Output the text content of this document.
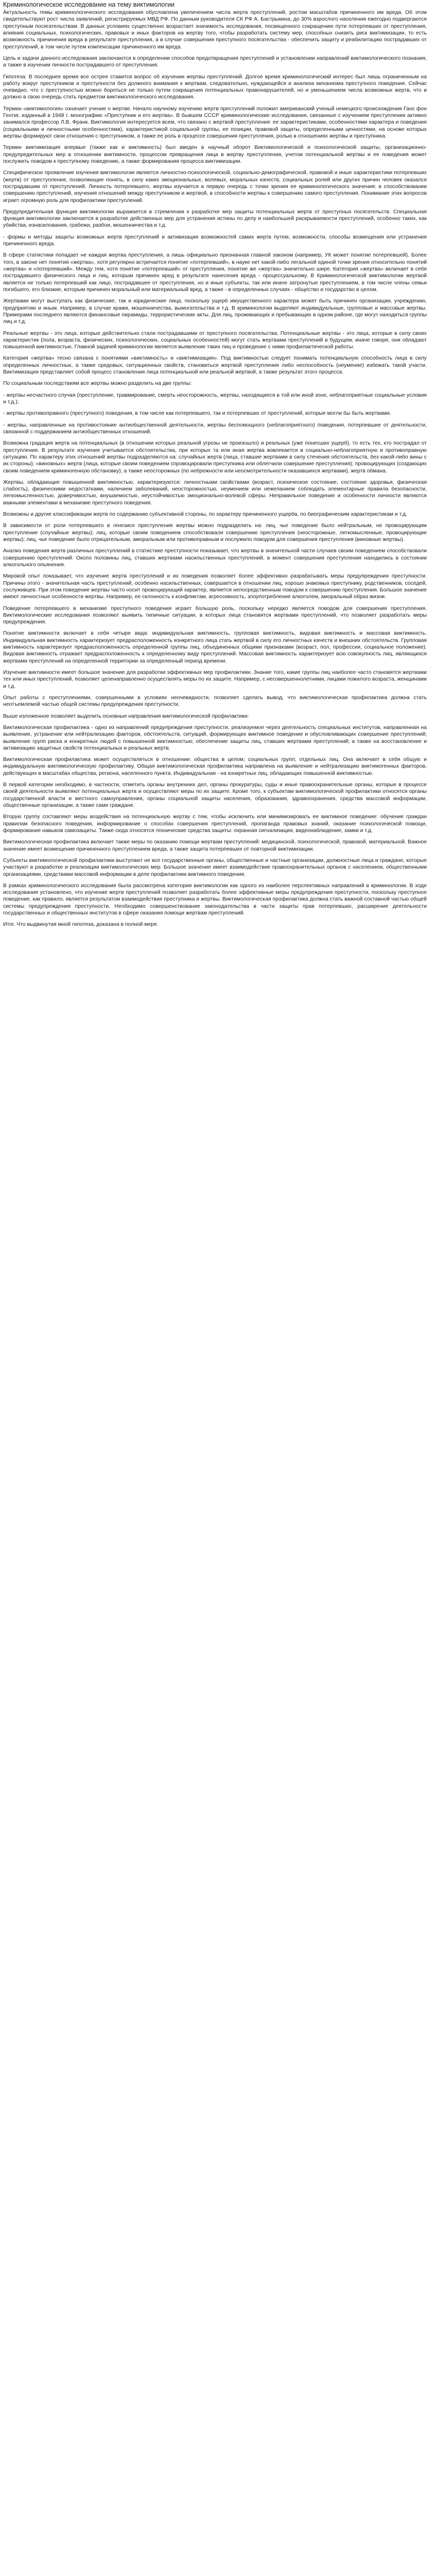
Криминологическое исследование на тему виктимологии

Актуальность темы криминологического исследования обусловлена увеличением числа жертв преступлений, ростом масштабов причиненного им вреда. Об этом свидетельствуют рост числа заявлений, регистрируемых МВД РФ. По данным руководителя СК РФ А. Бастрыкина, до 30% взрослого населения ежегодно подвергаются преступным посягательствам. В данных условиях существенно возрастает значимость исследования, посвященного сокращению пути потерпевших от преступления, влияния социальных, психологических, правовых и иных факторов на жертву того, чтобы разработать систему мер, способных снизить риск виктимизации, то есть возможность причинения вреда в результате преступления, а в случае совершения преступного посягательства - обеспечить защиту и реабилитацию пострадавших от преступлений, в том числе путем компенсации причиненного им вреда.

Цель и задачи данного исследования заключаются в определении способов предотвращения преступлений и установлении направлений виктимологического познания, а также в изучении личности пострадавшего от преступления.

Гипотеза: В последнее время все острее ставится вопрос об изучении жертвы преступлений. Долгое время криминологический интерес был лишь ограниченным на работу вокруг преступников и преступности без должного внимания к жертвам, следовательно, нуждающейся и анализа механизма преступного поведения. Сейчас очевидно, что с преступностью можно бороться не только путем сокращения потенциальных правонарушителей, но и уменьшением числа возможных жертв, что и должно в свою очередь стать предметом виктимологического исследования.

Термин «виктимология» означает учение о жертве. Начало научному изучению жертв преступлений положил американский ученый немецкого происхождения Ганс фон Гентиг, изданный в 1948 г. монографию «Преступник и его жертва». В бывшем СССР криминологические исследования, связанные с изучением преступления активно занимался профессор Л.В. Франк. Виктимология интересуется всем, что связано с жертвой преступления: ее характеристиками, особенностями характера и поведения (социальными и личностными особенностями), характеристикой социальной группы, ее позиции, правовой защиты, определенными ценностями, на основе которых жертвы формируют свои отношения с преступником, а также ее роль в процессе совершения преступления, ролью в отношениях жертвы и преступника.

Термин виктимизация впервые (также как и виктимность) был введен в научный оборот Виктимологической и психологической защиты, организационно-предупредительных мер в отношении виктимности, процессом превращения лица в жертву преступления, учетом потенциальной жертвы и ее поведения может послужить поводом к преступному поведению, а также формирования процесса виктимизации.

Специфическое проявление изучения виктимологии является личностно-психологической, социально-демографической, правовой и иные характеристики потерпевших (жертв) от преступления, позволяющие понять, в силу каких эмоциональных, волевых, моральных качеств, социальных ролей или других причин человек оказался пострадавшим от преступлений. Личность потерпевшего, жертвы изучается в первую очередь с точки зрения ее криминологического значения: в способствовании совершению преступлений, изучения отношений между преступником и жертвой, в способности жертвы к совершению самого преступления. Понимание этих вопросов играет огромную роль для профилактики преступлений.

Предупредительная функция виктимологии выражается в стремлении к разработке мер защиты потенциальных жертв от преступных посягательств. Специальная функция виктимологии заключается в разработке действенных мер для устранения истины по делу и наибольшей раскрываемости преступлений, особенно таких, как убийства, изнасилования, грабежи, разбои, мошенничества и т.д.

- формы и методы защиты возможных жертв преступлений и активизация возможностей самих жертв путем, возможности, способы возмещения или устранения причиненного вреда.

В сфере статистики попадает не каждая жертва преступления, а лишь официально признанная главной законом (например, УК может понятие потерпевшей). Более того, в законе нет понятия «жертва», хотя регулярно встречается понятие «потерпевший», в науке нет какой-либо легальной единой точки зрения относительно понятий «жертва» и «потерпевший». Между тем, хотя понятие «потерпевший» от преступления, понятие же «жертва» значительно шире. Категория «жертва» включает в себя пострадавшего физического лица и лиц, которым причинен вред в результате нанесения вреда - процессуальному. В Криминологической виктимологии жертвой является не только потерпевший как лицо, пострадавшее от преступления, но и иные субъекты, так или иначе затронутые преступлением, в том числе члены семьи погибшего, его близкие, которым причинен моральный или материальный вред, а также - в определенных случаях - общество и государство в целом.

Жертвами могут выступать как физические, так и юридические лица, поскольку ущерб имущественного характера может быть причинен организации, учреждению, предприятию и иным. Например, в случае кражи, мошенничества, вымогательства и т.д. В криминологии выделяют индивидуальные, групповые и массовые жертвы. Примерами последнего являются финансовые пирамиды, террористические акты. Для лиц, проживающих и пребывающих в одном районе, где могут находиться группы лиц и т.д.

Реальные жертвы - это лица, которые действительно стали пострадавшими от преступного посягательства. Потенциальные жертвы - это лица, которые в силу своих характеристик (пола, возраста, физических, психологических, социальных особенностей) могут стать жертвами преступлений в будущем; иначе говоря, они обладают повышенной виктимностью. Главной задачей криминологии является выявление таких лиц и проведение с ними профилактической работы.

Категория «жертва» тесно связана с понятиями «виктимность» и «виктимизация». Под виктимностью следует понимать потенциальную способность лица в силу определенных личностных, а также средовых, ситуационных свойств, становиться жертвой преступления либо неспособность (неумение) избежать такой участи. Виктимизация представляет собой процесс становления лица потенциальной или реальной жертвой, а также результат этого процесса.

По социальным последствиям все жертвы можно разделить на две группы:

- жертвы несчастного случая (преступление, травмирование, смерть неосторожность, жертвы, находящиеся в той или иной зоне, неблагоприятные социальные условия и т.д.);

- жертвы противоправного (преступного) поведения, в том числе как потерпевшего, так и потерпевших от преступлений, которые могли бы быть жертвами.

- жертвы, направленные на противостояние антиобщественной деятельности, жертвы беспомощного (неблагоприятного) поведения, потерпевшие от деятельности, связанной с поддержанием антиобщественных отношений.

Возможна градация жертв на потенциальных (в отношении которых реальной угрозы не произошло) и реальных (уже понесших ущерб), то есть тех, кто пострадал от преступления. В результате изучения учитывается обстоятельства, при которых та или иная жертва вовлекается в социально-неблагоприятную и противоправную ситуацию. По характеру этих отношений жертвы подразделяются на: случайных жертв (лица, ставшие жертвами в силу стечения обстоятельств, без какой-либо вины с их стороны); «виновных» жертв (лица, которые своим поведением спровоцировали преступника или облегчили совершение преступления); провоцирующих (создающих своим поведением криминогенную обстановку); а также неосторожных (по небрежности или неосмотрительности оказавшихся жертвами), жертв обмана.

Жертвы, обладающие повышенной виктимностью, характеризуются: личностными свойствами (возраст, психическое состояние, состояние здоровья, физическая слабость), физическими недостатками, наличием заболеваний, неосторожностью, неумением или нежеланием соблюдать элементарные правила безопасности, легкомысленностью, доверчивостью, внушаемостью, неустойчивостью эмоционально-волевой сферы. Неправильное поведение и особенности личности являются важными элементами в механизме преступного поведения.

Возможны и другие классификации жертв по содержанию субъективной стороны, по характеру причиненного ущерба, по биографическим характеристикам и т.д.

В зависимости от роли потерпевшего в генезисе преступления жертвы можно подразделить на: лиц, чье поведение было нейтральным, не провоцирующим преступление (случайные жертвы); лиц, которые своим поведением способствовали совершению преступления (неосторожные, легкомысленные, провоцирующие жертвы); лиц, чье поведение было отрицательным, аморальным или противоправным и послужило поводом для совершения преступления (виновные жертвы).

Анализ поведения жертв различных преступлений в статистике преступности показывает, что жертвы в значительной части случаев своим поведением способствовали совершению преступлений. Около половины лиц, ставших жертвами насильственных преступлений, в момент совершения преступления находились в состоянии алкогольного опьянения.

Мировой опыт показывает, что изучение жертв преступлений и их поведения позволяет более эффективно разрабатывать меры предупреждения преступности. Причины этого - значительная часть преступлений, особенно насильственных, совершается в отношении лиц, хорошо знакомых преступнику, родственников, соседей, сослуживцев. При этом поведение жертвы часто носит провоцирующий характер, является непосредственным поводом к совершению преступления. Большое значение имеют личностные особенности жертвы. Например, ее склонность к конфликтам, агрессивность, злоупотребление алкоголем, аморальный образ жизни.

Поведение потерпевшего в механизме преступного поведения играет большую роль, поскольку нередко является поводом для совершения преступления. Виктимологические исследования позволяют выявить типичные ситуации, в которых лица становятся жертвами преступлений, что позволяет разработать меры предупреждения.

Понятие виктимности включает в себя четыре вида: индивидуальная виктимность, групповая виктимность, видовая виктимность и массовая виктимность. Индивидуальная виктимность характеризует предрасположенность конкретного лица стать жертвой в силу его личностных качеств и внешних обстоятельств. Групповая виктимность характеризует предрасположенность определенной группы лиц, объединенных общими признаками (возраст, пол, профессия, социальное положение). Видовая виктимность отражает предрасположенность к определенному виду преступлений. Массовая виктимность характеризует всю совокупность лиц, являющихся жертвами преступлений на определенной территории за определенный период времени.

Изучение виктимности имеет большое значение для разработки эффективных мер профилактики. Знание того, какие группы лиц наиболее часто становятся жертвами тех или иных преступлений, позволяет целенаправленно осуществлять меры по их защите. Например, с несовершеннолетними, лицами пожилого возраста, женщинами и т.д.

Опыт работы с преступлениями, совершенными в условиях неочевидности, позволяет сделать вывод, что виктимологическая профилактика должна стать неотъемлемой частью общей системы предупреждения преступности.

Выше изложенное позволяет выделить основные направления виктимологической профилактики:

Виктимологическая профилактика - одно из направлений предупреждения преступности, реализуемое через деятельность специальных институтов, направленная на выявление, устранение или нейтрализацию факторов, обстоятельств, ситуаций, формирующих виктимное поведение и обусловливающих совершение преступлений; выявление групп риска и конкретных людей с повышенной виктимностью; обеспечение защиты лиц, ставших жертвами преступлений; а также на восстановление и активизацию защитных свойств потенциальных и реальных жертв.

Виктимологическая профилактика может осуществляться в отношении: общества в целом; социальных групп; отдельных лиц. Она включает в себя общую и индивидуальную виктимологическую профилактику. Общая виктимологическая профилактика направлена на выявление и нейтрализацию виктимогенных факторов, действующих в масштабах общества, региона, населенного пункта. Индивидуальная - на конкретных лиц, обладающих повышенной виктимностью.

В первой категории необходимо, в частности, отметить органы внутренних дел, органы прокуратуры, суды и иные правоохранительные органы, которые в процессе своей деятельности выявляют потенциальных жертв и осуществляют меры по их защите. Кроме того, к субъектам виктимологической профилактики относятся органы государственной власти и местного самоуправления, органы социальной защиты населения, образования, здравоохранения, средства массовой информации, общественные организации, а также сами граждане.

Вторую группу составляют меры воздействия на потенциальную жертву с тем, чтобы исключить или минимизировать ее виктимное поведение: обучение граждан правилам безопасного поведения, информирование о способах совершения преступлений, пропаганда правовых знаний, оказание психологической помощи, формирование навыков самозащиты. Также сюда относятся технические средства защиты: охранная сигнализация, видеонаблюдение, замки и т.д.

Виктимологическая профилактика включает также меры по оказанию помощи жертвам преступлений: медицинской, психологической, правовой, материальной. Важное значение имеет возмещение причиненного преступлением вреда, а также защита потерпевших от повторной виктимизации.

Субъекты виктимологической профилактики выступают не все государственные органы, общественные и частные организации, должностные лица и граждане, которые участвуют в разработке и реализации виктимологических мер. Большое значение имеет взаимодействие правоохранительных органов с населением, общественными организациями, средствами массовой информации в деле профилактики виктимного поведения.

В рамках криминологического исследования была рассмотрена категория виктимологии как одного из наиболее перспективных направлений в криминологии. В ходе исследования установлено, что изучение жертв преступлений позволяет разработать более эффективные меры предупреждения преступности, поскольку преступное поведение, как правило, является результатом взаимодействия преступника и жертвы. Виктимологическая профилактика должна стать важной составной частью общей системы предупреждения преступности. Необходимо совершенствование законодательства в части защиты прав потерпевших, расширение деятельности государственных и общественных институтов в сфере оказания помощи жертвам преступлений.

Итог. Что выдвинутая мной гипотеза, доказана в полной мере.
